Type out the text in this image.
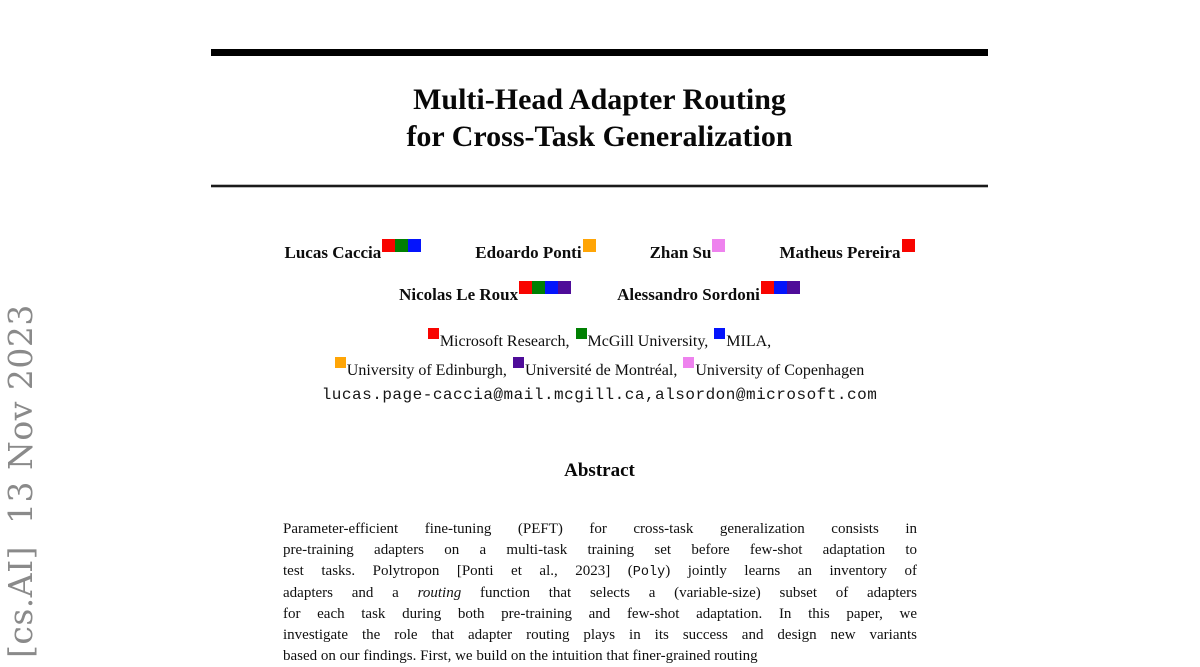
[cs.AI]  13 Nov 2023
Multi-Head Adapter Routing
for Cross-Task Generalization
Lucas Caccia	Edoardo Ponti	Zhan Su	Matheus Pereira
Nicolas Le Roux	Alessandro Sordoni
Microsoft Research, McGill University, MILA,
University of Edinburgh, Université de Montréal, University of Copenhagen
lucas.page-caccia@mail.mcgill.ca,alsordon@microsoft.com
Abstract
Parameter-efficient fine-tuning (PEFT) for cross-task generalization consists in
pre-training adapters on a multi-task training set before few-shot adaptation to
test tasks. Polytropon [Ponti et al., 2023] (Poly) jointly learns an inventory of
adapters and a routing function that selects a (variable-size) subset of adapters
for each task during both pre-training and few-shot adaptation. In this paper, we
investigate the role that adapter routing plays in its success and design new variants
based on our findings. First, we build on the intuition that finer-grained routing
